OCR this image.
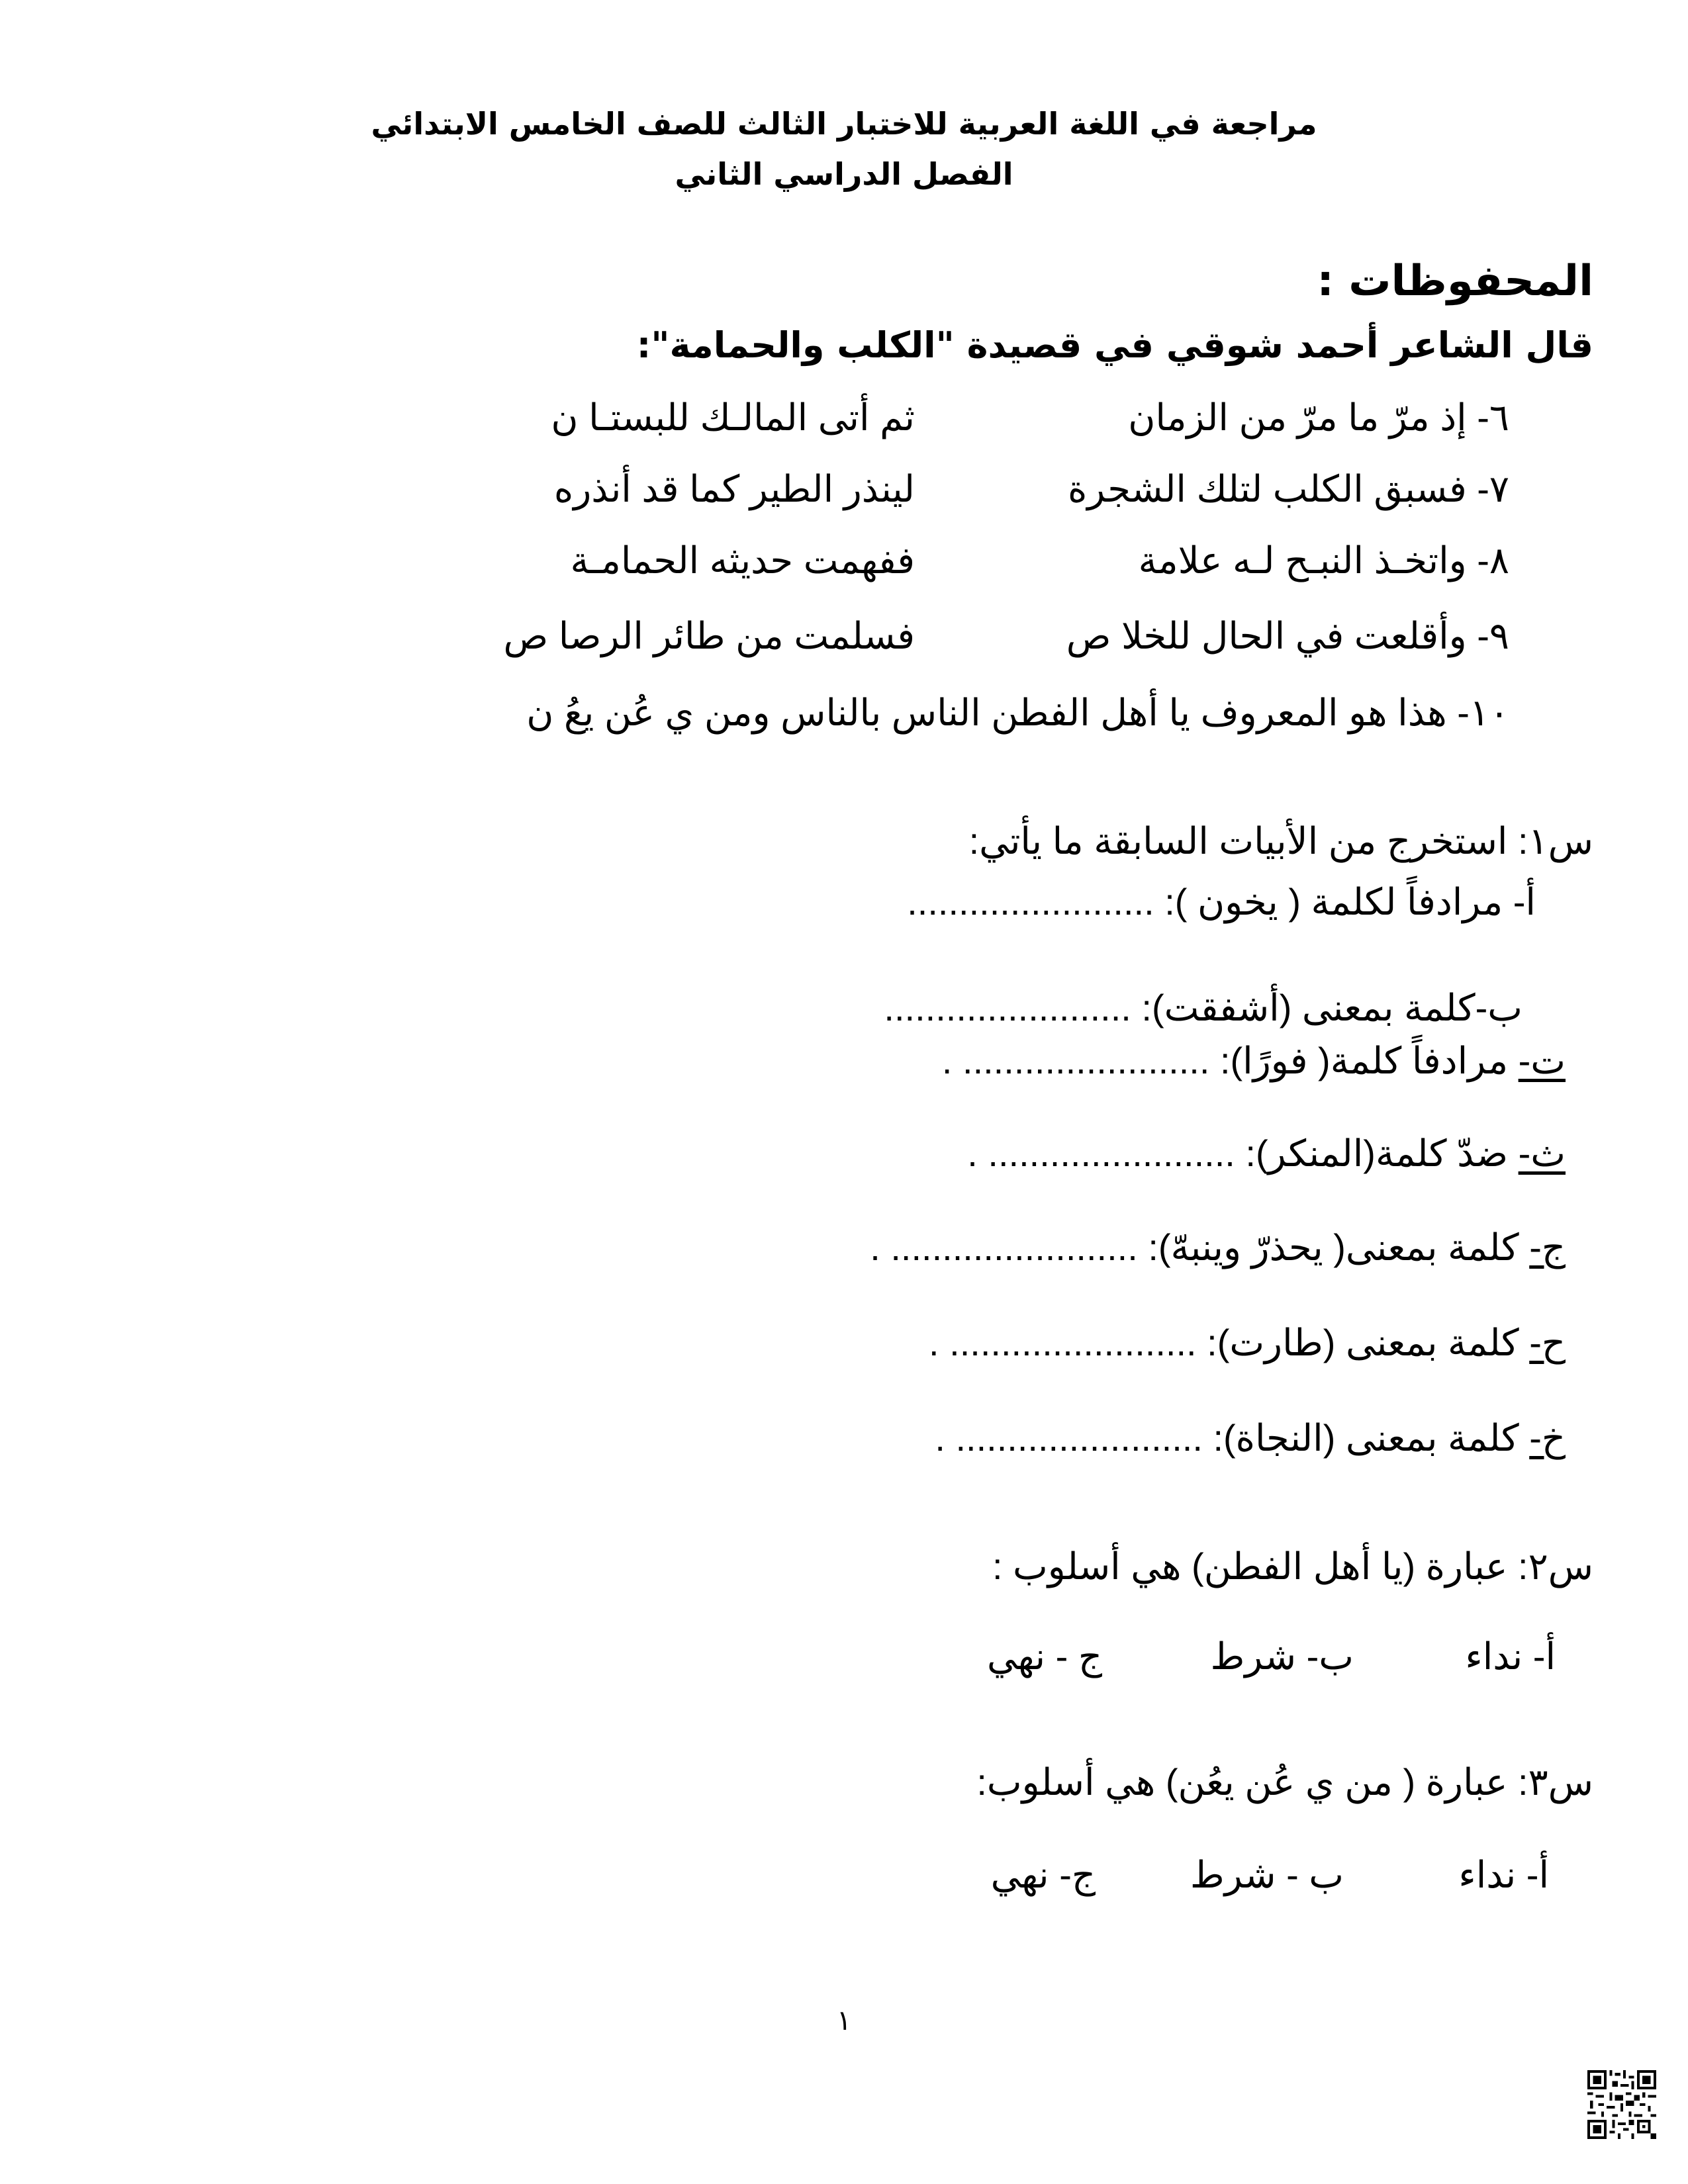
مراجعة في اللغة العربية للاختبار الثالث للصف الخامس الابتدائي
الفصل الدراسي الثاني
المحفوظات :
قال الشاعر أحمد شوقي في قصيدة "الكلب والحمامة":
٦- إذ مرّ ما مرّ من الزمان
ثم أتى المالـك للبستـا ن
٧- فسبق الكلب لتلك الشجرة
لينذر الطير كما قد أنذره
٨- واتخـذ النبـح لـه علامة
ففهمت حديثه الحمامـة
٩- وأقلعت في الحال للخلا ص
فسلمت من طائر الرصا ص
١٠- هذا هو المعروف يا أهل الفطن الناس بالناس ومن ي عُن يعُ ن
س١: استخرج من الأبيات السابقة ما يأتي:
أ- مرادفاً لكلمة ( يخون ): ........................
ب-كلمة بمعنى (أشفقت): ........................
ت- مرادفاً كلمة( فورًا): ........................ .
ث- ضدّ كلمة(المنكر): ........................ .
ج- كلمة بمعنى( يحذرّ وينبهّ): ........................ .
ح- كلمة بمعنى (طارت): ........................ .
خ- كلمة بمعنى (النجاة): ........................ .
س٢: عبارة (يا أهل الفطن) هي أسلوب :
أ- نداء
ب- شرط
ج - نهي
س٣: عبارة ( من ي عُن يعُن) هي أسلوب:
أ- نداء
ب - شرط
ج- نهي
١
